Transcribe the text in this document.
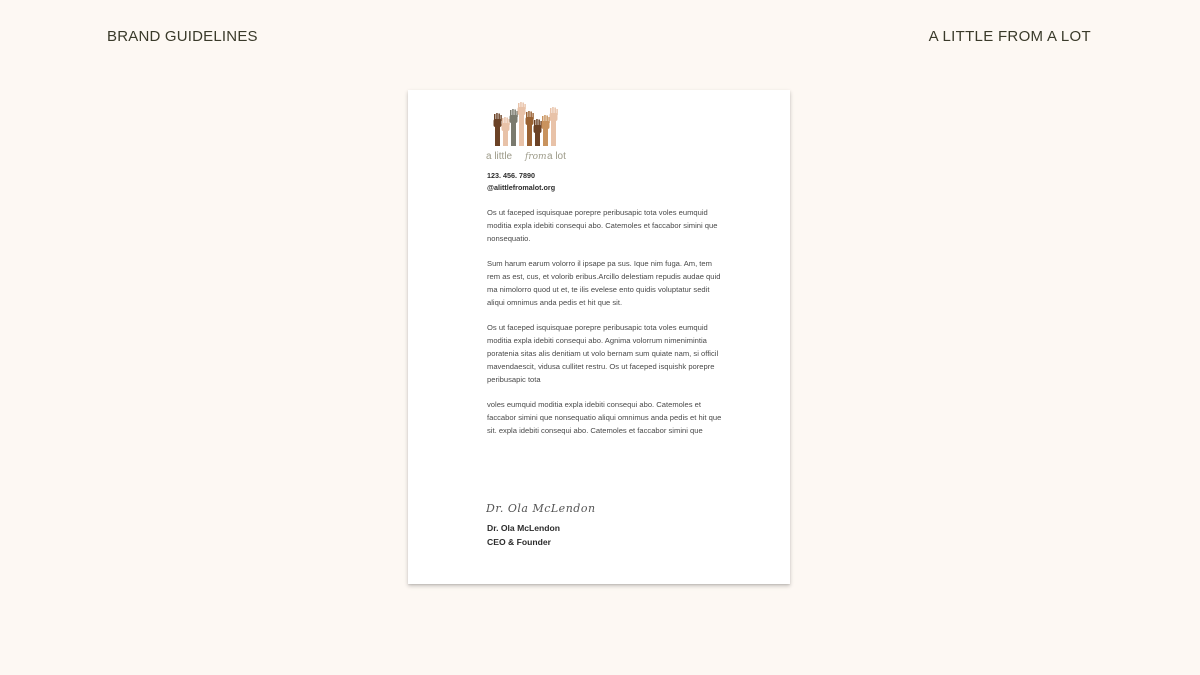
BRAND GUIDELINES	A LITTLE FROM A LOT
a little from a lot
123. 456. 7890
@alittlefromalot.org

Os ut faceped isquisquae porepre peribusapic tota voles eumquid moditia expla idebiti consequi abo. Catemoles et faccabor simini que nonsequatio.

Sum harum earum volorro il ipsape pa sus. Ique nim fuga. Am, tem rem as est, cus, et volorib eribus.Arcillo delestiam repudis audae quid ma nimolorro quod ut et, te ilis evelese ento quidis voluptatur sedit aliqui omnimus anda pedis et hit que sit.

Os ut faceped isquisquae porepre peribusapic tota voles eumquid moditia expla idebiti consequi abo. Agnima volorrum nimenimintia poratenia sitas alis denitiam ut volo bernam sum quiate nam, si officil mavendaescit, vidusa cullitet restru. Os ut faceped isquishk porepre peribusapic tota

voles eumquid moditia expla idebiti consequi abo. Catemoles et faccabor simini que nonsequatio aliqui omnimus anda pedis et hit que sit. expla idebiti consequi abo. Catemoles et faccabor simini que

Dr. Ola McLendon
Dr. Ola McLendon
CEO & Founder
